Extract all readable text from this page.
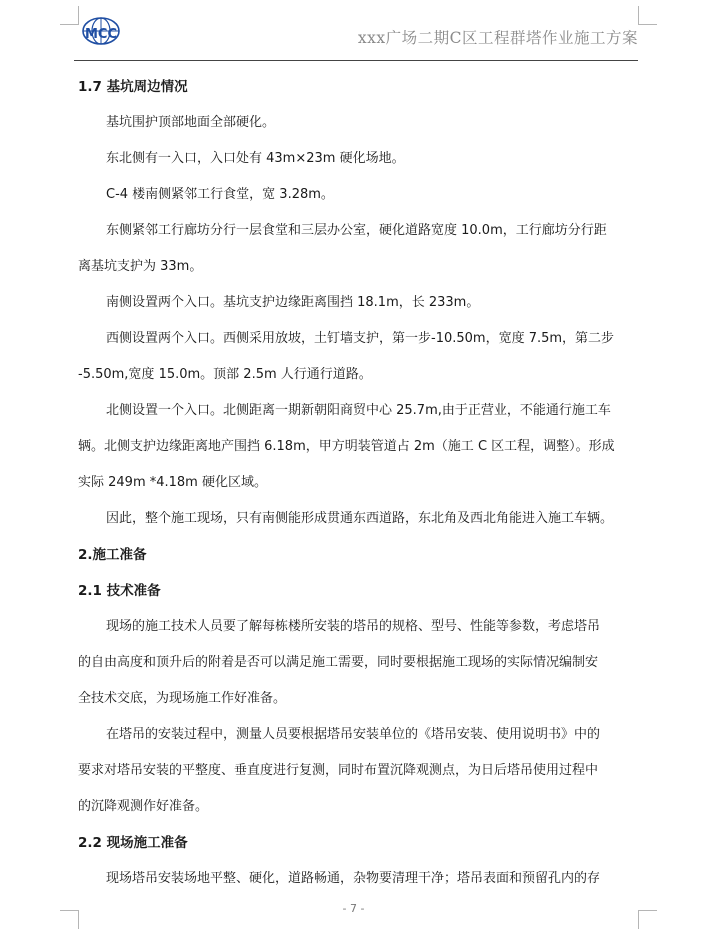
MCC	xxx广场二期C区工程群塔作业施工方案
1.7 基坑周边情况
基坑围护顶部地面全部硬化。
东北侧有一入口，入口处有 43m×23m 硬化场地。
C-4 楼南侧紧邻工行食堂，宽 3.28m。
东侧紧邻工行廊坊分行一层食堂和三层办公室，硬化道路宽度 10.0m，工行廊坊分行距
离基坑支护为 33m。
南侧设置两个入口。基坑支护边缘距离围挡 18.1m，长 233m。
西侧设置两个入口。西侧采用放坡，土钉墙支护，第一步-10.50m，宽度 7.5m，第二步
-5.50m,宽度 15.0m。顶部 2.5m 人行通行道路。
北侧设置一个入口。北侧距离一期新朝阳商贸中心 25.7m,由于正营业，不能通行施工车
辆。北侧支护边缘距离地产围挡 6.18m，甲方明装管道占 2m（施工 C 区工程，调整）。形成
实际 249m *4.18m 硬化区域。
因此，整个施工现场，只有南侧能形成贯通东西道路，东北角及西北角能进入施工车辆。
2.施工准备
2.1 技术准备
现场的施工技术人员要了解每栋楼所安装的塔吊的规格、型号、性能等参数，考虑塔吊
的自由高度和顶升后的附着是否可以满足施工需要，同时要根据施工现场的实际情况编制安
全技术交底，为现场施工作好准备。
在塔吊的安装过程中，测量人员要根据塔吊安装单位的《塔吊安装、使用说明书》中的
要求对塔吊安装的平整度、垂直度进行复测，同时布置沉降观测点，为日后塔吊使用过程中
的沉降观测作好准备。
2.2 现场施工准备
现场塔吊安装场地平整、硬化，道路畅通，杂物要清理干净；塔吊表面和预留孔内的存
- 7 -
